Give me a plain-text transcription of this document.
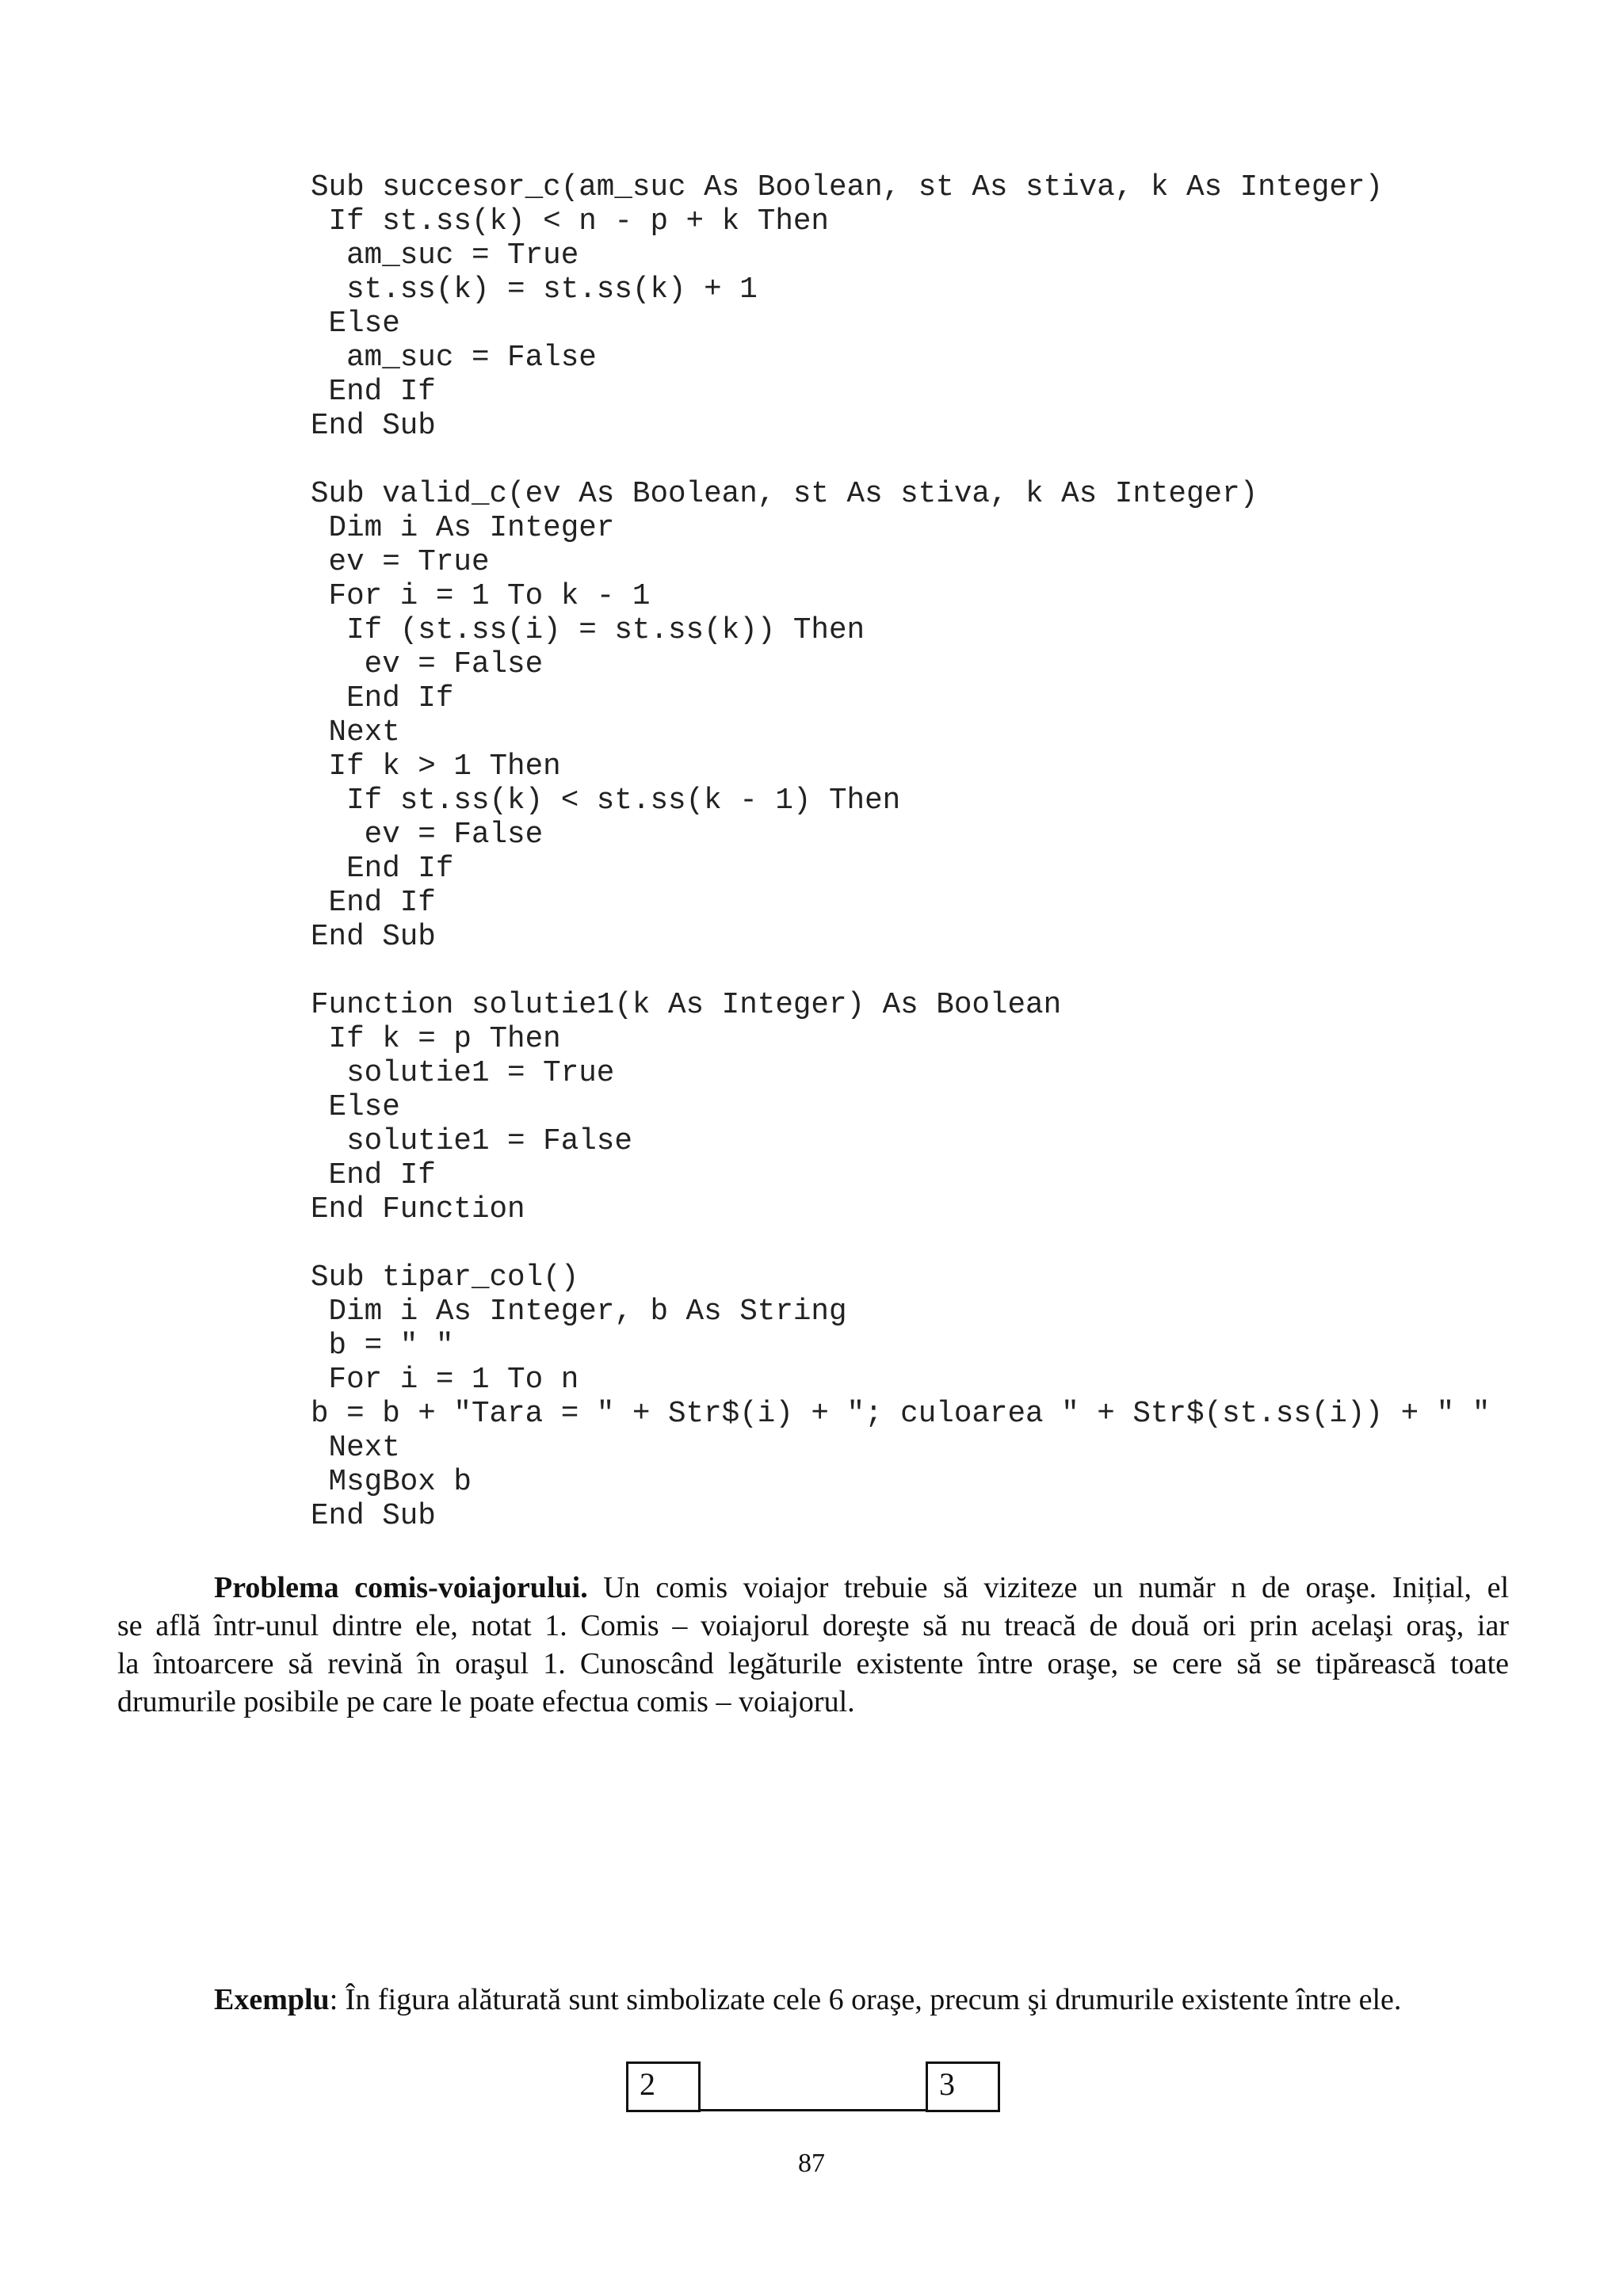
Sub succesor_c(am_suc As Boolean, st As stiva, k As Integer)
If st.ss(k) < n - p + k Then
am_suc = True
st.ss(k) = st.ss(k) + 1
Else
am_suc = False
End If
End Sub
Sub valid_c(ev As Boolean, st As stiva, k As Integer)
Dim i As Integer
ev = True
For i = 1 To k - 1
If (st.ss(i) = st.ss(k)) Then
ev = False
End If
Next
If k > 1 Then
If st.ss(k) < st.ss(k - 1) Then
ev = False
End If
End If
End Sub
Function solutie1(k As Integer) As Boolean
If k = p Then
solutie1 = True
Else
solutie1 = False
End If
End Function
Sub tipar_col()
Dim i As Integer, b As String
b = " "
For i = 1 To n
b = b + "Tara = " + Str$(i) + "; culoarea " + Str$(st.ss(i)) + " "
Next
MsgBox b
End Sub
Problema comis-voiajorului. Un comis voiajor trebuie să viziteze un număr n de oraşe. Inițial, el
se află într-unul dintre ele, notat 1. Comis – voiajorul doreşte să nu treacă de două ori prin acelaşi oraş, iar
la întoarcere să revină în oraşul 1. Cunoscând legăturile existente între oraşe, se cere să se tipărească toate
drumurile posibile pe care le poate efectua comis – voiajorul.
Exemplu: În figura alăturată sunt simbolizate cele 6 oraşe, precum şi drumurile existente între ele.
2	3
87
